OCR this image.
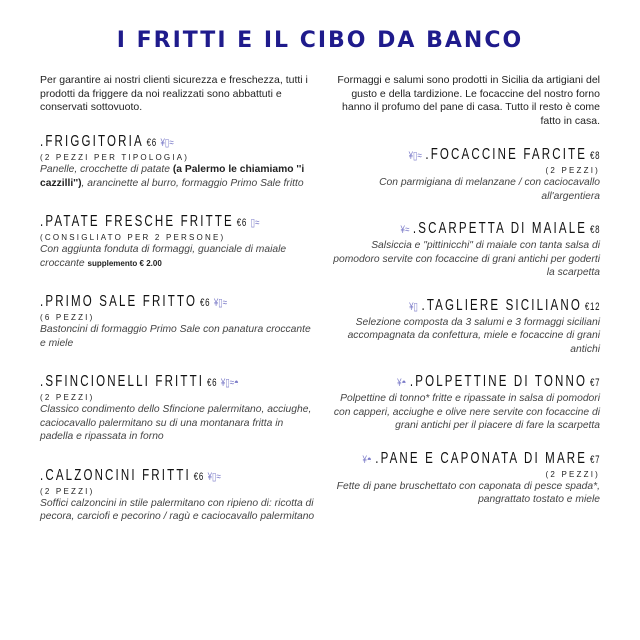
I FRITTI E IL CIBO DA BANCO
Per garantire ai nostri clienti sicurezza e freschezza, tutti i prodotti da friggere da noi realizzati sono abbattuti e conservati sottovuoto.
Formaggi e salumi sono prodotti in Sicilia da artigiani del gusto e della tardizione. Le focaccine del nostro forno hanno il profumo del pane di casa. Tutto il resto è come fatto in casa.
.FRIGGITORIA €6 ¥▯≈
(2 PEZZI PER TIPOLOGIA)
Panelle, crocchette di patate (a Palermo le chiamiamo ''i cazzilli''), arancinette al burro, formaggio Primo Sale fritto
.PATATE FRESCHE FRITTE €6 ▯≈
(CONSIGLIATO PER 2 PERSONE)
Con aggiunta fonduta di formaggi, guanciale di maiale croccante supplemento € 2.00
.PRIMO SALE FRITTO €6 ¥▯≈
(6 PEZZI)
Bastoncini di formaggio Primo Sale con panatura croccante e miele
.SFINCIONELLI FRITTI €6 ¥▯≈◓
(2 PEZZI)
Classico condimento dello Sfincione palermitano, acciughe, caciocavallo palermitano su di una montanara fritta in padella e ripassata in forno
.CALZONCINI FRITTI €6 ¥▯≈
(2 PEZZI)
Soffici calzoncini in stile palermitano con ripieno di: ricotta di pecora, carciofi e pecorino / ragù e caciocavallo palermitano
¥▯≈ .FOCACCINE FARCITE €8
(2 PEZZI)
Con parmigiana di melanzane / con caciocavallo all'argentiera
¥≈ .SCARPETTA DI MAIALE €8
Salsiccia e "pittinicchi" di maiale con tanta salsa di pomodoro servite con focaccine di grani antichi per goderti la scarpetta
¥▯ .TAGLIERE SICILIANO €12
Selezione composta da 3 salumi e 3 formaggi siciliani accompagnata da confettura, miele e focaccine di grani antichi
¥◓ .POLPETTINE DI TONNO €7
Polpettine di tonno* fritte e ripassate in salsa di pomodori con capperi, acciughe e olive nere servite con focaccine di grani antichi per il piacere di fare la scarpetta
¥◓ .PANE E CAPONATA DI MARE €7
(2 PEZZI)
Fette di pane bruschettato con caponata di pesce spada*, pangrattato tostato e miele
